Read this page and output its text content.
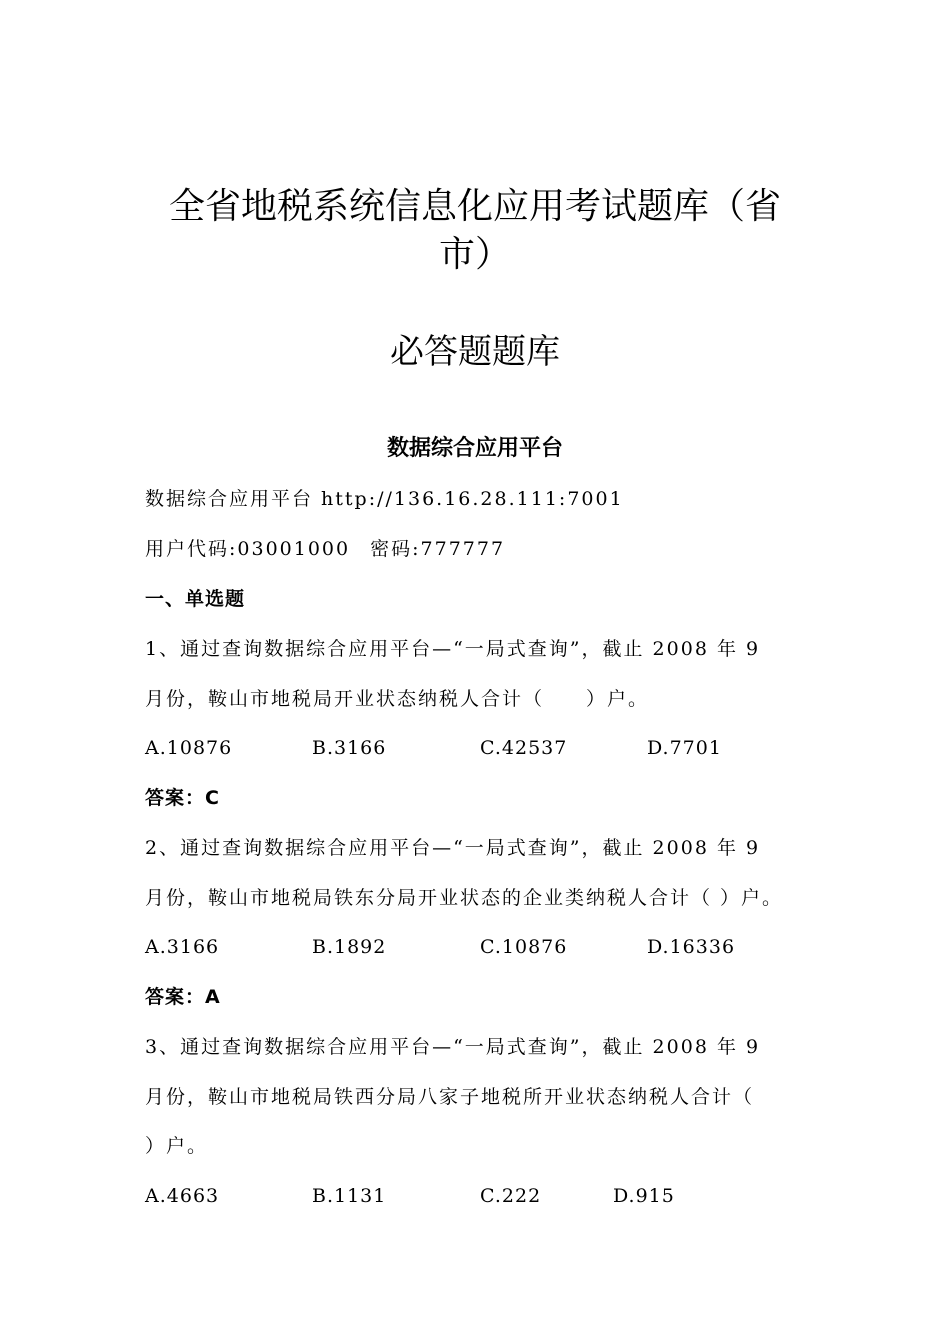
全省地税系统信息化应用考试题库（省
市）
必答题题库
数据综合应用平台
数据综合应用平台 http://136.16.28.111:7001
用户代码:03001000 密码:777777
一、单选题
1、通过查询数据综合应用平台—“一局式查询”，截止 2008 年 9
月份，鞍山市地税局开业状态纳税人合计（　　）户。
A.10876	B.3166	C.42537	D.7701
答案：C
2、通过查询数据综合应用平台—“一局式查询”，截止 2008 年 9
月份，鞍山市地税局铁东分局开业状态的企业类纳税人合计（ ）户。
A.3166	B.1892	C.10876	D.16336
答案：A
3、通过查询数据综合应用平台—“一局式查询”，截止 2008 年 9
月份，鞍山市地税局铁西分局八家子地税所开业状态纳税人合计（
）户。
A.4663	B.1131	C.222	D.915
